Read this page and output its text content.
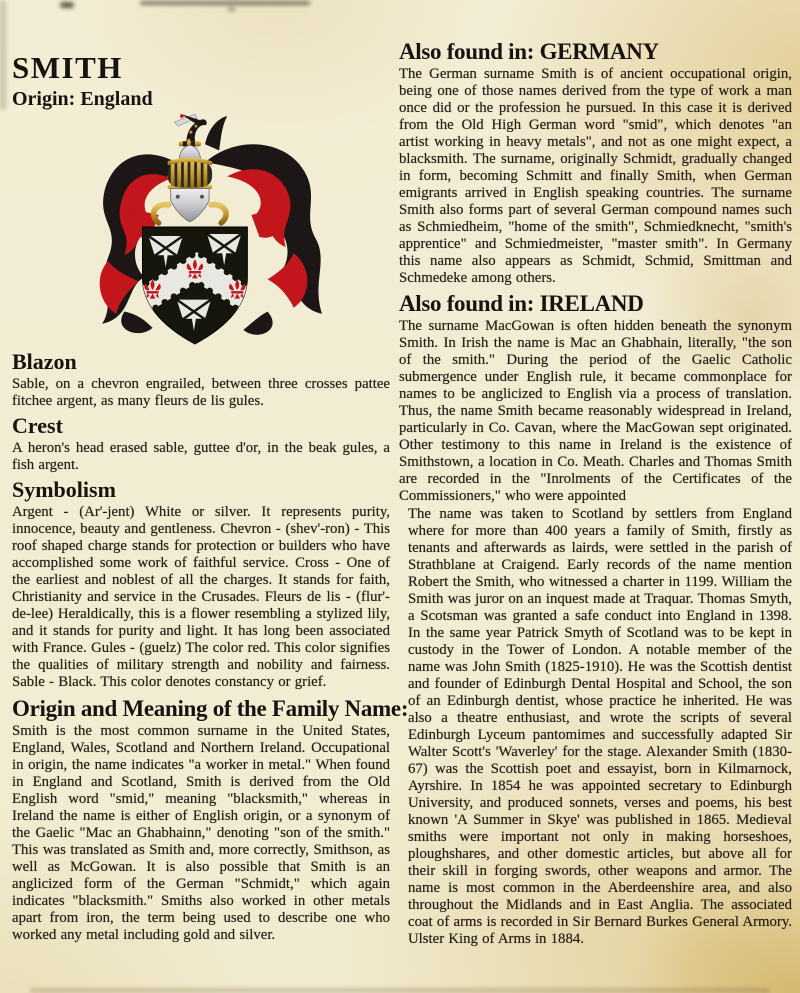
SMITH
Origin: England
Blazon

Sable, on a chevron engrailed, between three crosses pattee fitchee argent, as many fleurs de lis gules.

Crest

A heron's head erased sable, guttee d'or, in the beak gules, a fish argent.

Symbolism

Argent - (Ar'-jent) White or silver. It represents purity, innocence, beauty and gentleness. Chevron - (shev'-ron) - This roof shaped charge stands for protection or builders who have accomplished some work of faithful service. Cross - One of the earliest and noblest of all the charges. It stands for faith, Christianity and service in the Crusades. Fleurs de lis - (flur'-de-lee) Heraldically, this is a flower resembling a stylized lily, and it stands for purity and light. It has long been associated with France. Gules - (guelz) The color red. This color signifies the qualities of military strength and nobility and fairness. Sable - Black. This color denotes constancy or grief.

Origin and Meaning of the Family Name:

Smith is the most common surname in the United States, England, Wales, Scotland and Northern Ireland. Occupational in origin, the name indicates "a worker in metal." When found in England and Scotland, Smith is derived from the Old English word "smid," meaning "blacksmith," whereas in Ireland the name is either of English origin, or a synonym of the Gaelic "Mac an Ghabhainn," denoting "son of the smith." This was translated as Smith and, more correctly, Smithson, as well as McGowan. It is also possible that Smith is an anglicized form of the German "Schmidt," which again indicates "blacksmith." Smiths also worked in other metals apart from iron, the term being used to describe one who worked any metal including gold and silver.

Also found in: GERMANY

The German surname Smith is of ancient occupational origin, being one of those names derived from the type of work a man once did or the profession he pursued. In this case it is derived from the Old High German word "smid", which denotes "an artist working in heavy metals", and not as one might expect, a blacksmith. The surname, originally Schmidt, gradually changed in form, becoming Schmitt and finally Smith, when German emigrants arrived in English speaking countries. The surname Smith also forms part of several German compound names such as Schmiedheim, "home of the smith", Schmiedknecht, "smith's apprentice" and Schmiedmeister, "master smith". In Germany this name also appears as Schmidt, Schmid, Smittman and Schmedeke among others.

Also found in: IRELAND

The surname MacGowan is often hidden beneath the synonym Smith. In Irish the name is Mac an Ghabhain, literally, "the son of the smith." During the period of the Gaelic Catholic submergence under English rule, it became commonplace for names to be anglicized to English via a process of translation. Thus, the name Smith became reasonably widespread in Ireland, particularly in Co. Cavan, where the MacGowan sept originated. Other testimony to this name in Ireland is the existence of Smithstown, a location in Co. Meath. Charles and Thomas Smith are recorded in the "Inrolments of the Certificates of the Commissioners," who were appointed

The name was taken to Scotland by settlers from England where for more than 400 years a family of Smith, firstly as tenants and afterwards as lairds, were settled in the parish of Strathblane at Craigend. Early records of the name mention Robert the Smith, who witnessed a charter in 1199. William the Smith was juror on an inquest made at Traquar. Thomas Smyth, a Scotsman was granted a safe conduct into England in 1398. In the same year Patrick Smyth of Scotland was to be kept in custody in the Tower of London. A notable member of the name was John Smith (1825-1910). He was the Scottish dentist and founder of Edinburgh Dental Hospital and School, the son of an Edinburgh dentist, whose practice he inherited. He was also a theatre enthusiast, and wrote the scripts of several Edinburgh Lyceum pantomimes and successfully adapted Sir Walter Scott's 'Waverley' for the stage. Alexander Smith (1830-67) was the Scottish poet and essayist, born in Kilmarnock, Ayrshire. In 1854 he was appointed secretary to Edinburgh University, and produced sonnets, verses and poems, his best known 'A Summer in Skye' was published in 1865. Medieval smiths were important not only in making horseshoes, ploughshares, and other domestic articles, but above all for their skill in forging swords, other weapons and armor. The name is most common in the Aberdeenshire area, and also throughout the Midlands and in East Anglia. The associated coat of arms is recorded in Sir Bernard Burkes General Armory. Ulster King of Arms in 1884.
